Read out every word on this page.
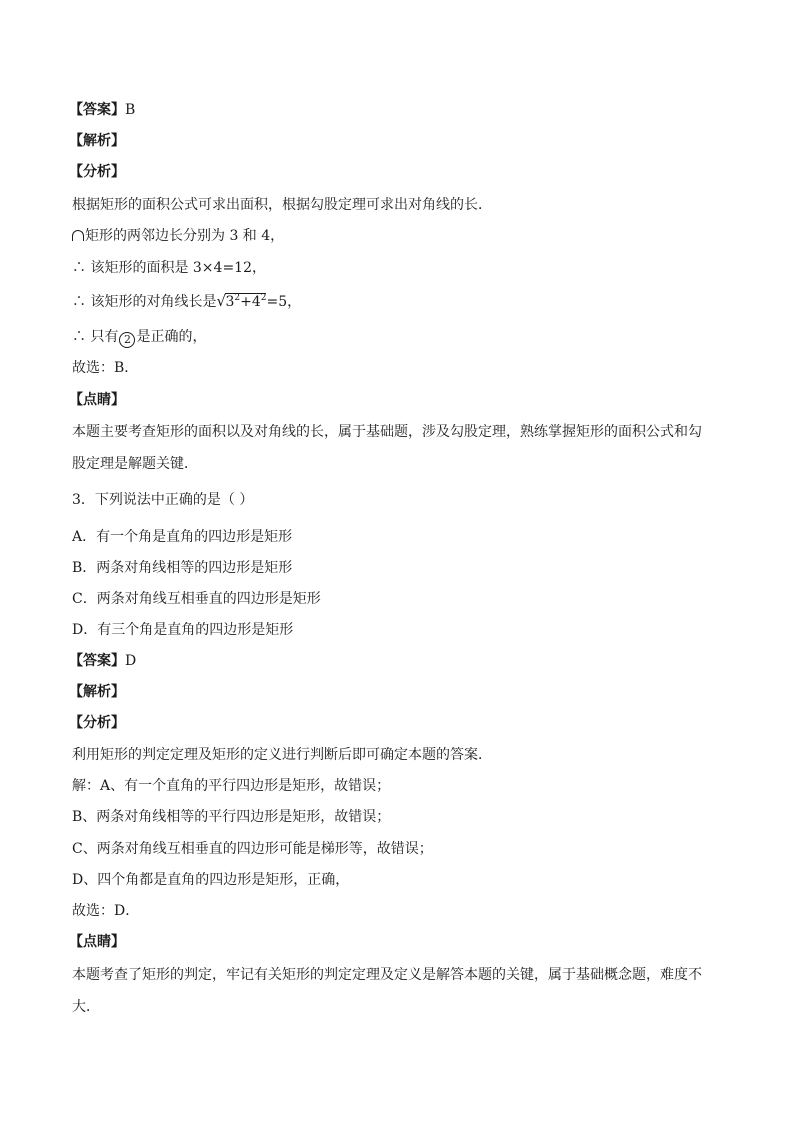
【答案】B
【解析】
【分析】
根据矩形的面积公式可求出面积，根据勾股定理可求出对角线的长．
矩形的两邻边长分别为 3 和 4，
∴ 该矩形的面积是 3×4=12，
∴ 该矩形的对角线长是 √ $3^2+4^2=5$，
∴ 只有 2 是正确的，
故选：B．
【点睛】
本题主要考查矩形的面积以及对角线的长，属于基础题，涉及勾股定理，熟练掌握矩形的面积公式和勾
股定理是解题关键．
3．下列说法中正确的是（ ）
A．有一个角是直角的四边形是矩形
B．两条对角线相等的四边形是矩形
C．两条对角线互相垂直的四边形是矩形
D．有三个角是直角的四边形是矩形
【答案】D
【解析】
【分析】
利用矩形的判定定理及矩形的定义进行判断后即可确定本题的答案．
解：A、有一个直角的平行四边形是矩形，故错误；
B、两条对角线相等的平行四边形是矩形，故错误；
C、两条对角线互相垂直的四边形可能是梯形等，故错误；
D、四个角都是直角的四边形是矩形，正确，
故选：D．
【点睛】
本题考查了矩形的判定，牢记有关矩形的判定定理及定义是解答本题的关键，属于基础概念题，难度不
大．
